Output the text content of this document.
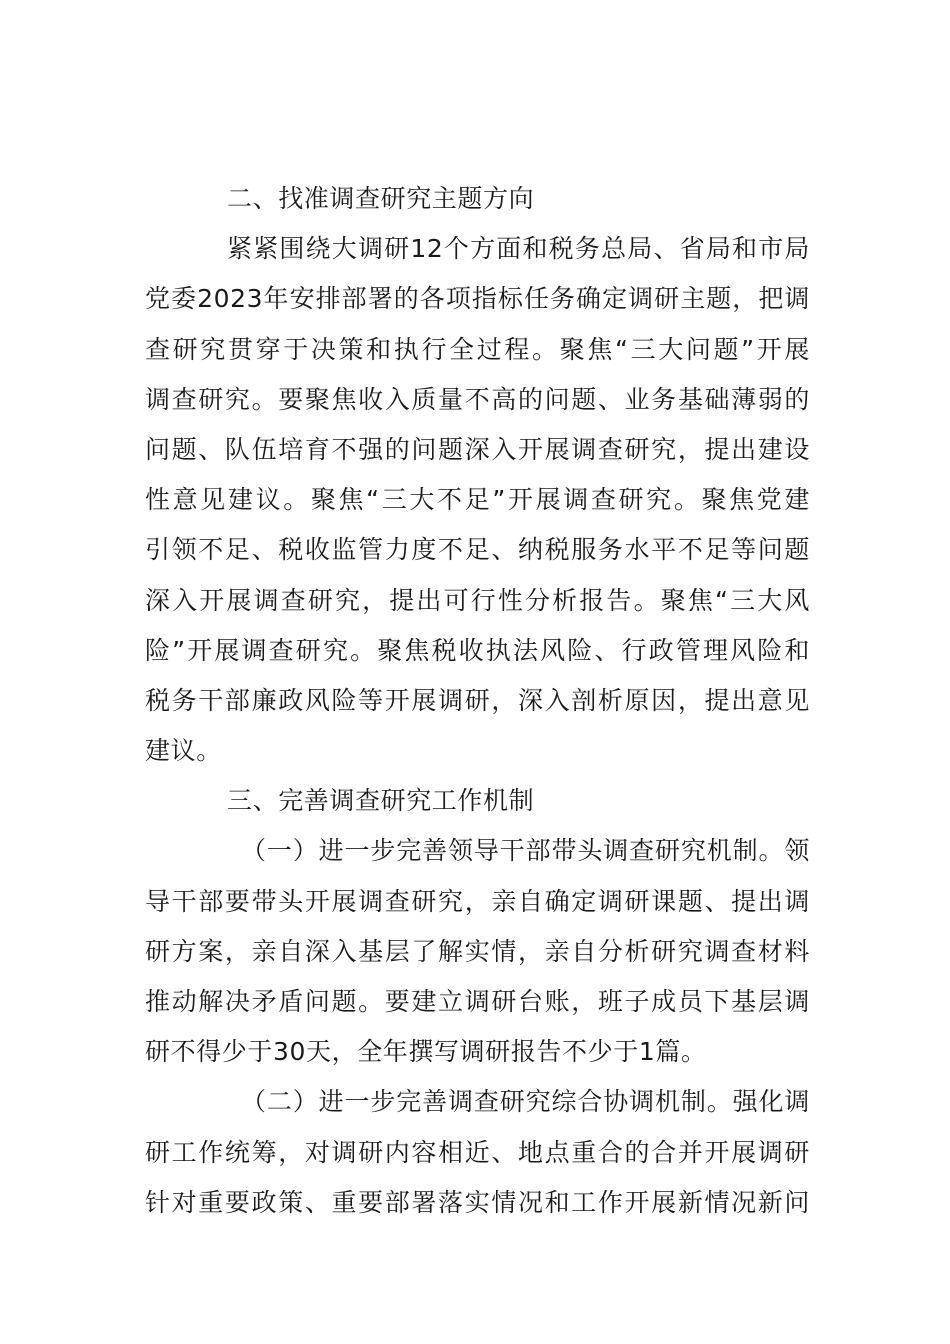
二、找准调查研究主题方向
紧紧围绕大调研12个方面和税务总局、省局和市局
党委2023年安排部署的各项指标任务确定调研主题，把调
查研究贯穿于决策和执行全过程。聚焦“三大问题”开展
调查研究。要聚焦收入质量不高的问题、业务基础薄弱的
问题、队伍培育不强的问题深入开展调查研究，提出建设
性意见建议。聚焦“三大不足”开展调查研究。聚焦党建
引领不足、税收监管力度不足、纳税服务水平不足等问题
深入开展调查研究，提出可行性分析报告。聚焦“三大风
险”开展调查研究。聚焦税收执法风险、行政管理风险和
税务干部廉政风险等开展调研，深入剖析原因，提出意见
建议。
三、完善调查研究工作机制
（一）进一步完善领导干部带头调查研究机制。领
导干部要带头开展调查研究，亲自确定调研课题、提出调
研方案，亲自深入基层了解实情，亲自分析研究调查材料
推动解决矛盾问题。要建立调研台账，班子成员下基层调
研不得少于30天，全年撰写调研报告不少于1篇。
（二）进一步完善调查研究综合协调机制。强化调
研工作统筹，对调研内容相近、地点重合的合并开展调研
针对重要政策、重要部署落实情况和工作开展新情况新问
